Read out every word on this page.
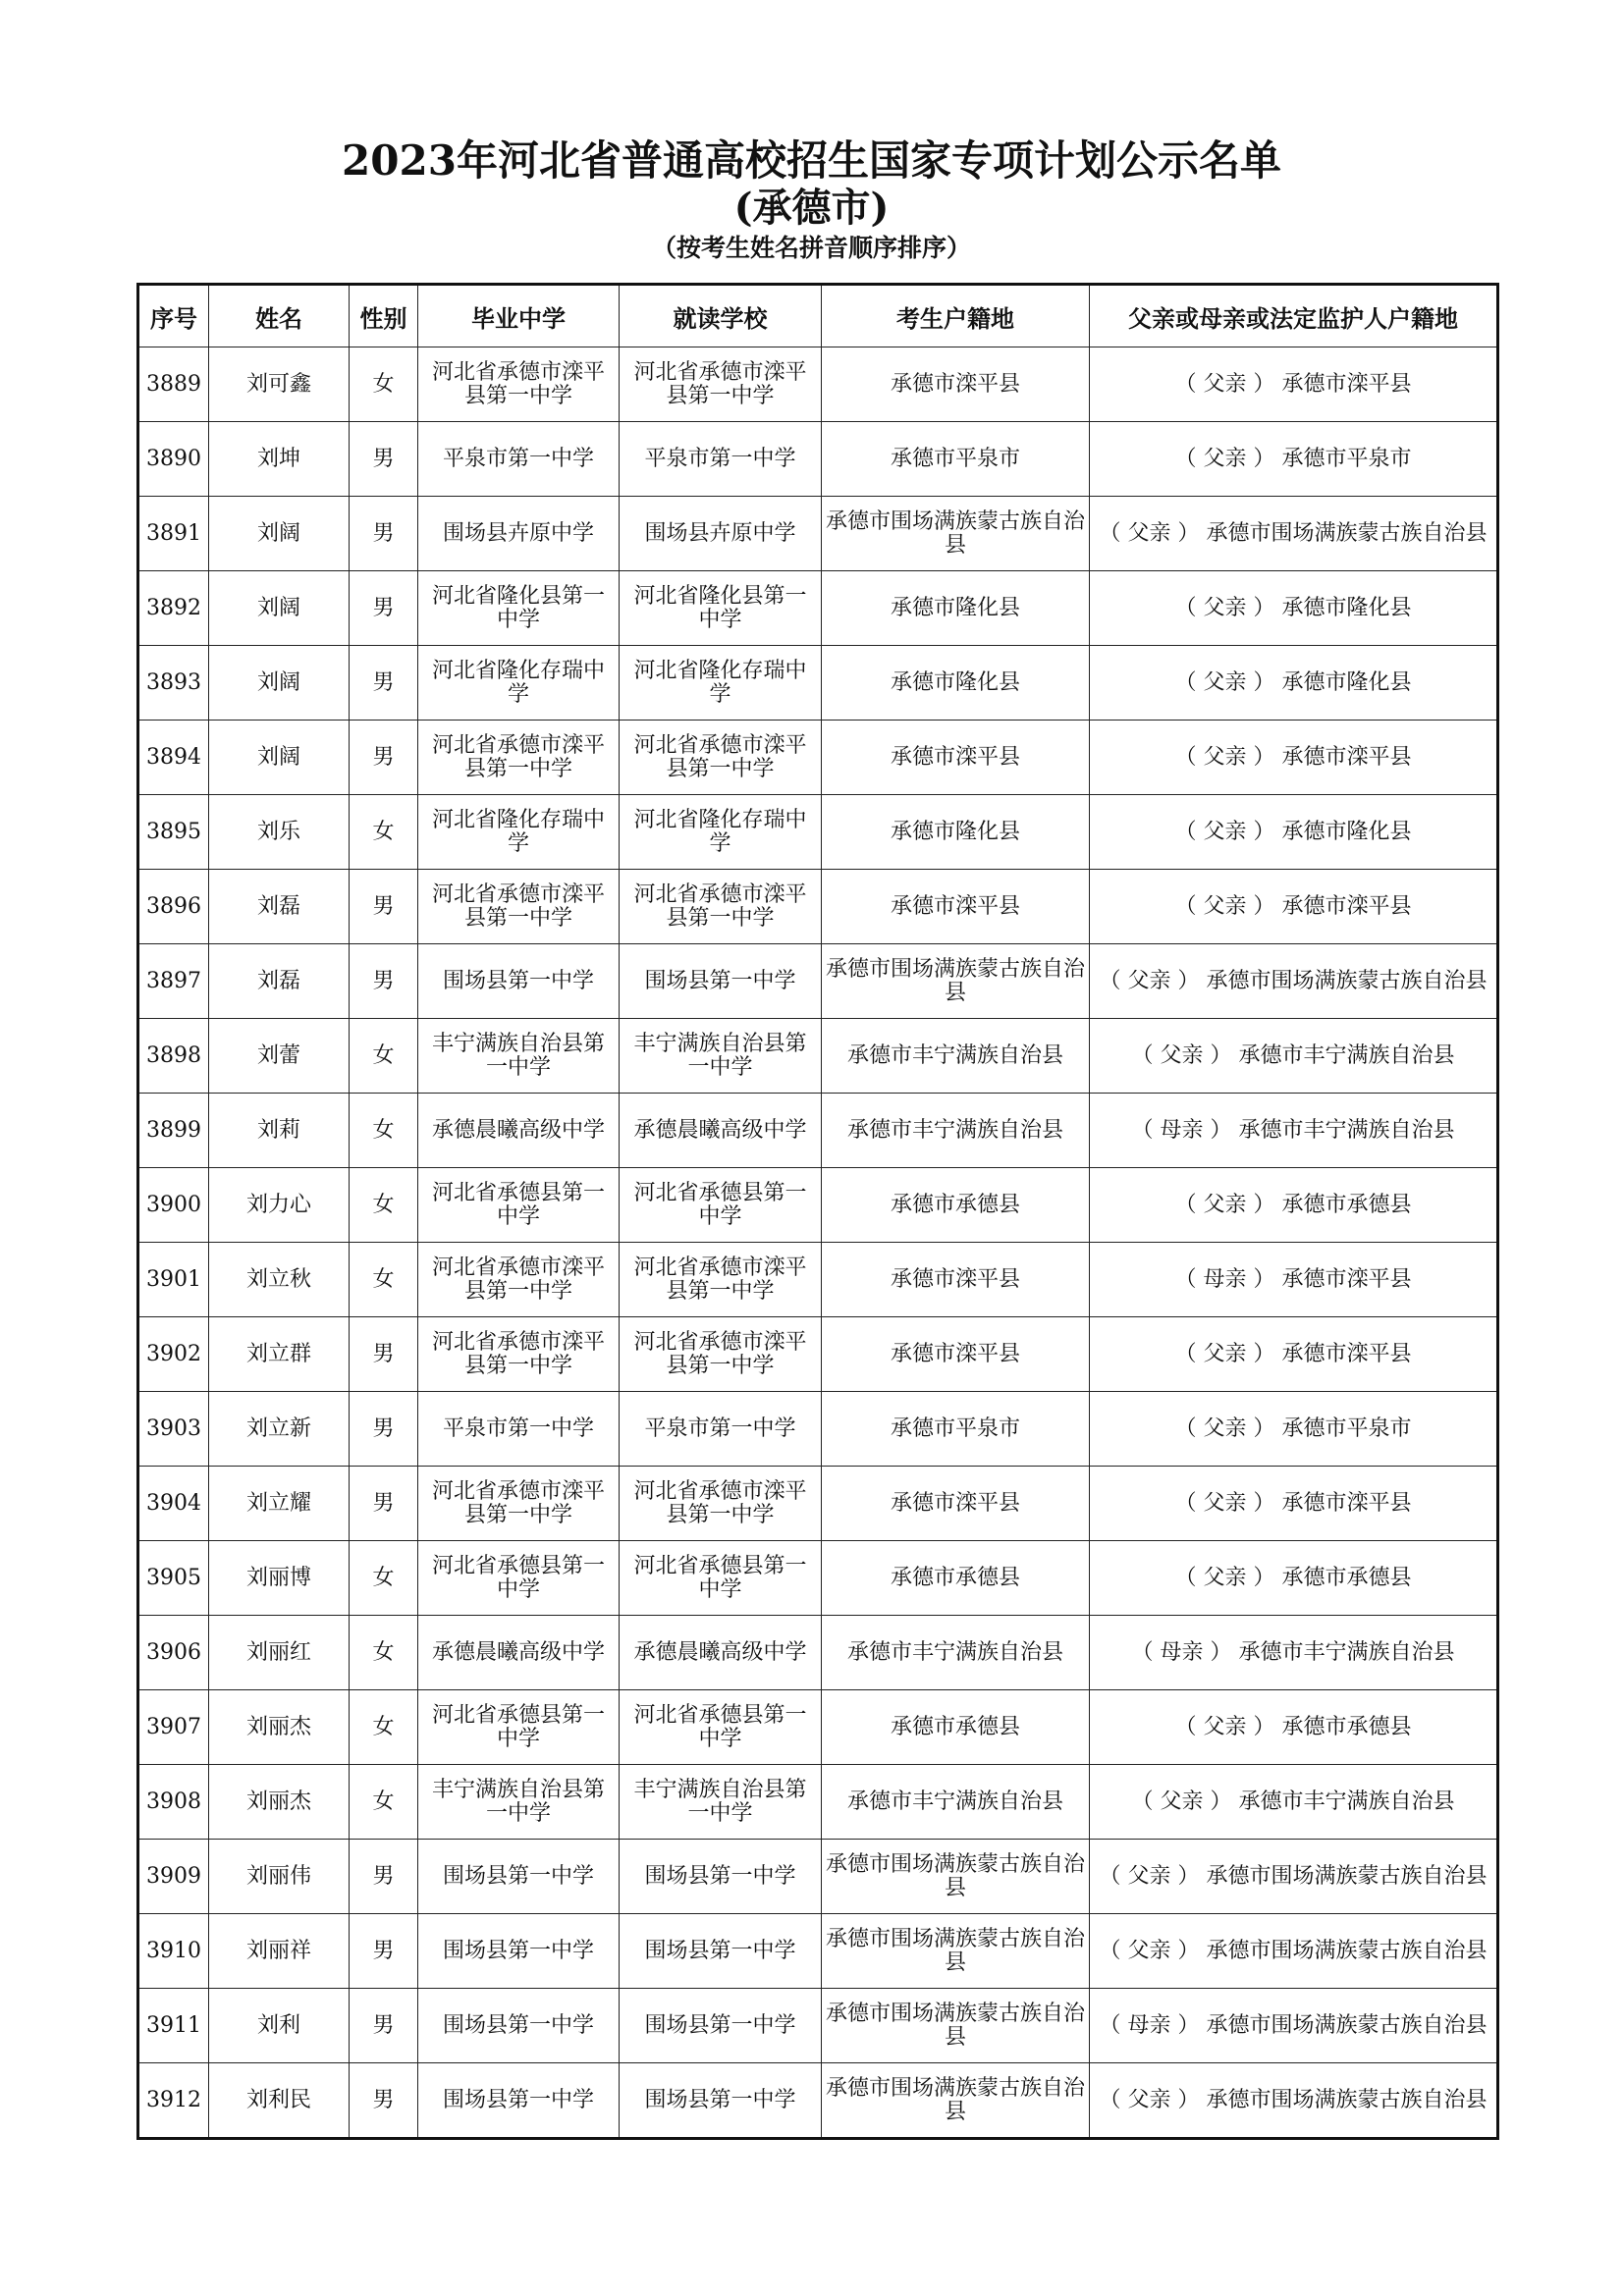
2023年河北省普通高校招生国家专项计划公示名单
(承德市)
（按考生姓名拼音顺序排序）
序号	姓名	性别	毕业中学	就读学校	考生户籍地	父亲或母亲或法定监护人户籍地
3889	刘可鑫	女	河北省承德市滦平县第一中学	河北省承德市滦平县第一中学	承德市滦平县	（ 父亲 ） 承德市滦平县
3890	刘坤	男	平泉市第一中学	平泉市第一中学	承德市平泉市	（ 父亲 ） 承德市平泉市
3891	刘阔	男	围场县卉原中学	围场县卉原中学	承德市围场满族蒙古族自治县	（ 父亲 ） 承德市围场满族蒙古族自治县
3892	刘阔	男	河北省隆化县第一中学	河北省隆化县第一中学	承德市隆化县	（ 父亲 ） 承德市隆化县
3893	刘阔	男	河北省隆化存瑞中学	河北省隆化存瑞中学	承德市隆化县	（ 父亲 ） 承德市隆化县
3894	刘阔	男	河北省承德市滦平县第一中学	河北省承德市滦平县第一中学	承德市滦平县	（ 父亲 ） 承德市滦平县
3895	刘乐	女	河北省隆化存瑞中学	河北省隆化存瑞中学	承德市隆化县	（ 父亲 ） 承德市隆化县
3896	刘磊	男	河北省承德市滦平县第一中学	河北省承德市滦平县第一中学	承德市滦平县	（ 父亲 ） 承德市滦平县
3897	刘磊	男	围场县第一中学	围场县第一中学	承德市围场满族蒙古族自治县	（ 父亲 ） 承德市围场满族蒙古族自治县
3898	刘蕾	女	丰宁满族自治县第一中学	丰宁满族自治县第一中学	承德市丰宁满族自治县	（ 父亲 ） 承德市丰宁满族自治县
3899	刘莉	女	承德晨曦高级中学	承德晨曦高级中学	承德市丰宁满族自治县	（ 母亲 ） 承德市丰宁满族自治县
3900	刘力心	女	河北省承德县第一中学	河北省承德县第一中学	承德市承德县	（ 父亲 ） 承德市承德县
3901	刘立秋	女	河北省承德市滦平县第一中学	河北省承德市滦平县第一中学	承德市滦平县	（ 母亲 ） 承德市滦平县
3902	刘立群	男	河北省承德市滦平县第一中学	河北省承德市滦平县第一中学	承德市滦平县	（ 父亲 ） 承德市滦平县
3903	刘立新	男	平泉市第一中学	平泉市第一中学	承德市平泉市	（ 父亲 ） 承德市平泉市
3904	刘立耀	男	河北省承德市滦平县第一中学	河北省承德市滦平县第一中学	承德市滦平县	（ 父亲 ） 承德市滦平县
3905	刘丽博	女	河北省承德县第一中学	河北省承德县第一中学	承德市承德县	（ 父亲 ） 承德市承德县
3906	刘丽红	女	承德晨曦高级中学	承德晨曦高级中学	承德市丰宁满族自治县	（ 母亲 ） 承德市丰宁满族自治县
3907	刘丽杰	女	河北省承德县第一中学	河北省承德县第一中学	承德市承德县	（ 父亲 ） 承德市承德县
3908	刘丽杰	女	丰宁满族自治县第一中学	丰宁满族自治县第一中学	承德市丰宁满族自治县	（ 父亲 ） 承德市丰宁满族自治县
3909	刘丽伟	男	围场县第一中学	围场县第一中学	承德市围场满族蒙古族自治县	（ 父亲 ） 承德市围场满族蒙古族自治县
3910	刘丽祥	男	围场县第一中学	围场县第一中学	承德市围场满族蒙古族自治县	（ 父亲 ） 承德市围场满族蒙古族自治县
3911	刘利	男	围场县第一中学	围场县第一中学	承德市围场满族蒙古族自治县	（ 母亲 ） 承德市围场满族蒙古族自治县
3912	刘利民	男	围场县第一中学	围场县第一中学	承德市围场满族蒙古族自治县	（ 父亲 ） 承德市围场满族蒙古族自治县
